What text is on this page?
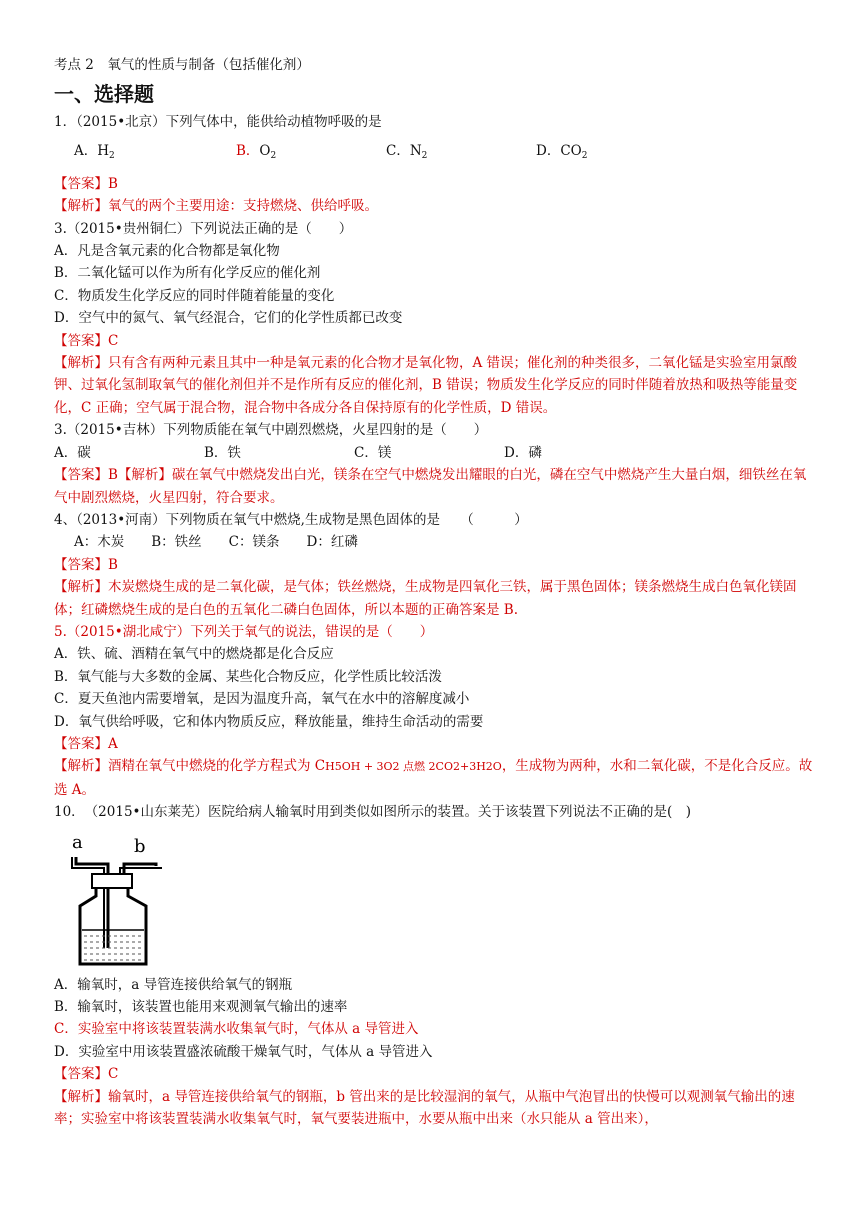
考点 2　氧气的性质与制备（包括催化剂）
一、选择题
1．（2015•北京）下列气体中，能供给动植物呼吸的是
A．$H_2$	B．$O_2$	C．$N_2$	D．$CO_2$
【答案】B
【解析】氧气的两个主要用途：支持燃烧、供给呼吸。
3.（2015•贵州铜仁）下列说法正确的是（　　）
A．凡是含氧元素的化合物都是氧化物
B．二氧化锰可以作为所有化学反应的催化剂
C．物质发生化学反应的同时伴随着能量的变化
D．空气中的氮气、氧气经混合，它们的化学性质都已改变
【答案】C
【解析】只有含有两种元素且其中一种是氧元素的化合物才是氧化物，A 错误；催化剂的种类很多，二氧化锰是实验室用氯酸钾、过氧化氢制取氧气的催化剂但并不是作所有反应的催化剂，B 错误；物质发生化学反应的同时伴随着放热和吸热等能量变化，C 正确；空气属于混合物，混合物中各成分各自保持原有的化学性质，D 错误。
3.（2015•吉林）下列物质能在氧气中剧烈燃烧，火星四射的是（　　）
A．碳	B．铁	C．镁	D．磷
【答案】B【解析】碳在氧气中燃烧发出白光，镁条在空气中燃烧发出耀眼的白光，磷在空气中燃烧产生大量白烟，细铁丝在氧气中剧烈燃烧，火星四射，符合要求。
4、（2013•河南）下列物质在氧气中燃烧,生成物是黑色固体的是　　（　　　）
A：木炭　　B：铁丝　　C：镁条　　D：红磷
【答案】B
【解析】木炭燃烧生成的是二氧化碳，是气体；铁丝燃烧，生成物是四氧化三铁，属于黑色固体；镁条燃烧生成白色氧化镁固体；红磷燃烧生成的是白色的五氧化二磷白色固体，所以本题的正确答案是 B.
5.（2015•湖北咸宁）下列关于氧气的说法，错误的是（　　）
A．铁、硫、酒精在氧气中的燃烧都是化合反应
B．氧气能与大多数的金属、某些化合物反应，化学性质比较活泼
C．夏天鱼池内需要增氧，是因为温度升高，氧气在水中的溶解度减小
D．氧气供给呼吸，它和体内物质反应，释放能量，维持生命活动的需要
【答案】A
【解析】酒精在氧气中燃烧的化学方程式为 CH5OH + 3O2 点燃 2CO2+3H2O，生成物为两种，水和二氧化碳，不是化合反应。故选 A。
10．　（2015•山东莱芜）医院给病人输氧时用到类似如图所示的装置。关于该装置下列说法不正确的是(　)
a	b
A．输氧时，a 导管连接供给氧气的钢瓶
B．输氧时，该装置也能用来观测氧气输出的速率
C．实验室中将该装置装满水收集氧气时，气体从 a 导管进入
D．实验室中用该装置盛浓硫酸干燥氧气时，气体从 a 导管进入
【答案】C
【解析】输氧时，a 导管连接供给氧气的钢瓶，b 管出来的是比较湿润的氧气，从瓶中气泡冒出的快慢可以观测氧气输出的速率；实验室中将该装置装满水收集氧气时，氧气要装进瓶中，水要从瓶中出来（水只能从 a 管出来），
